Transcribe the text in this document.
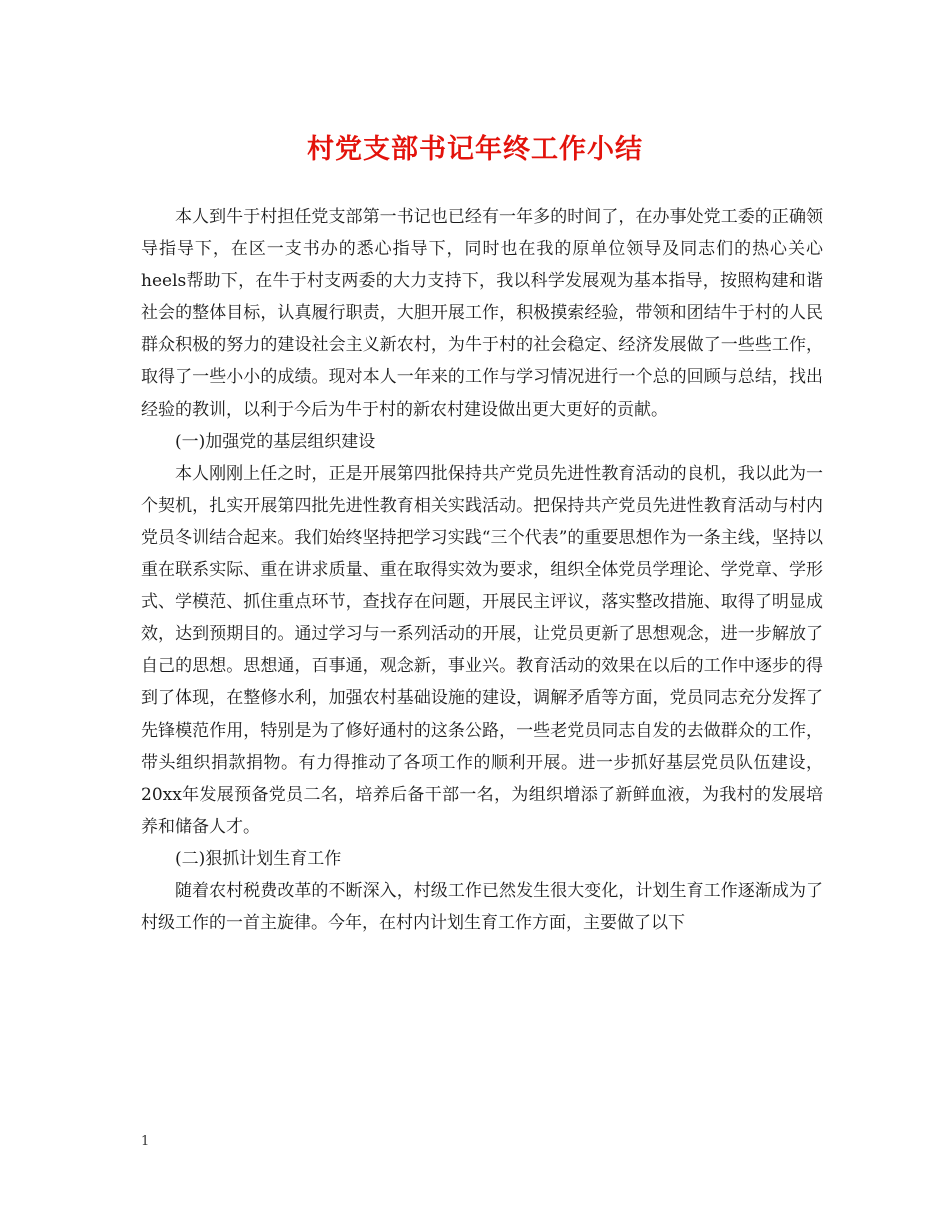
村党支部书记年终工作小结

本人到牛于村担任党支部第一书记也已经有一年多的时间了，在办事处党工委的正确领导指导下，在区一支书办的悉心指导下，同时也在我的原单位领导及同志们的热心关心heels帮助下，在牛于村支两委的大力支持下，我以科学发展观为基本指导，按照构建和谐社会的整体目标，认真履行职责，大胆开展工作，积极摸索经验，带领和团结牛于村的人民群众积极的努力的建设社会主义新农村，为牛于村的社会稳定、经济发展做了一些些工作，取得了一些小小的成绩。现对本人一年来的工作与学习情况进行一个总的回顾与总结，找出经验的教训，以利于今后为牛于村的新农村建设做出更大更好的贡献。

(一)加强党的基层组织建设

本人刚刚上任之时，正是开展第四批保持共产党员先进性教育活动的良机，我以此为一个契机，扎实开展第四批先进性教育相关实践活动。把保持共产党员先进性教育活动与村内党员冬训结合起来。我们始终坚持把学习实践“三个代表”的重要思想作为一条主线，坚持以重在联系实际、重在讲求质量、重在取得实效为要求，组织全体党员学理论、学党章、学形式、学模范、抓住重点环节，查找存在问题，开展民主评议，落实整改措施、取得了明显成效，达到预期目的。通过学习与一系列活动的开展，让党员更新了思想观念，进一步解放了自己的思想。思想通，百事通，观念新，事业兴。教育活动的效果在以后的工作中逐步的得到了体现，在整修水利，加强农村基础设施的建设，调解矛盾等方面，党员同志充分发挥了先锋模范作用，特别是为了修好通村的这条公路，一些老党员同志自发的去做群众的工作，带头组织捐款捐物。有力得推动了各项工作的顺利开展。进一步抓好基层党员队伍建设，20xx年发展预备党员二名，培养后备干部一名，为组织增添了新鲜血液，为我村的发展培养和储备人才。

(二)狠抓计划生育工作

随着农村税费改革的不断深入，村级工作已然发生很大变化，计划生育工作逐渐成为了村级工作的一首主旋律。今年，在村内计划生育工作方面，主要做了以下

1
